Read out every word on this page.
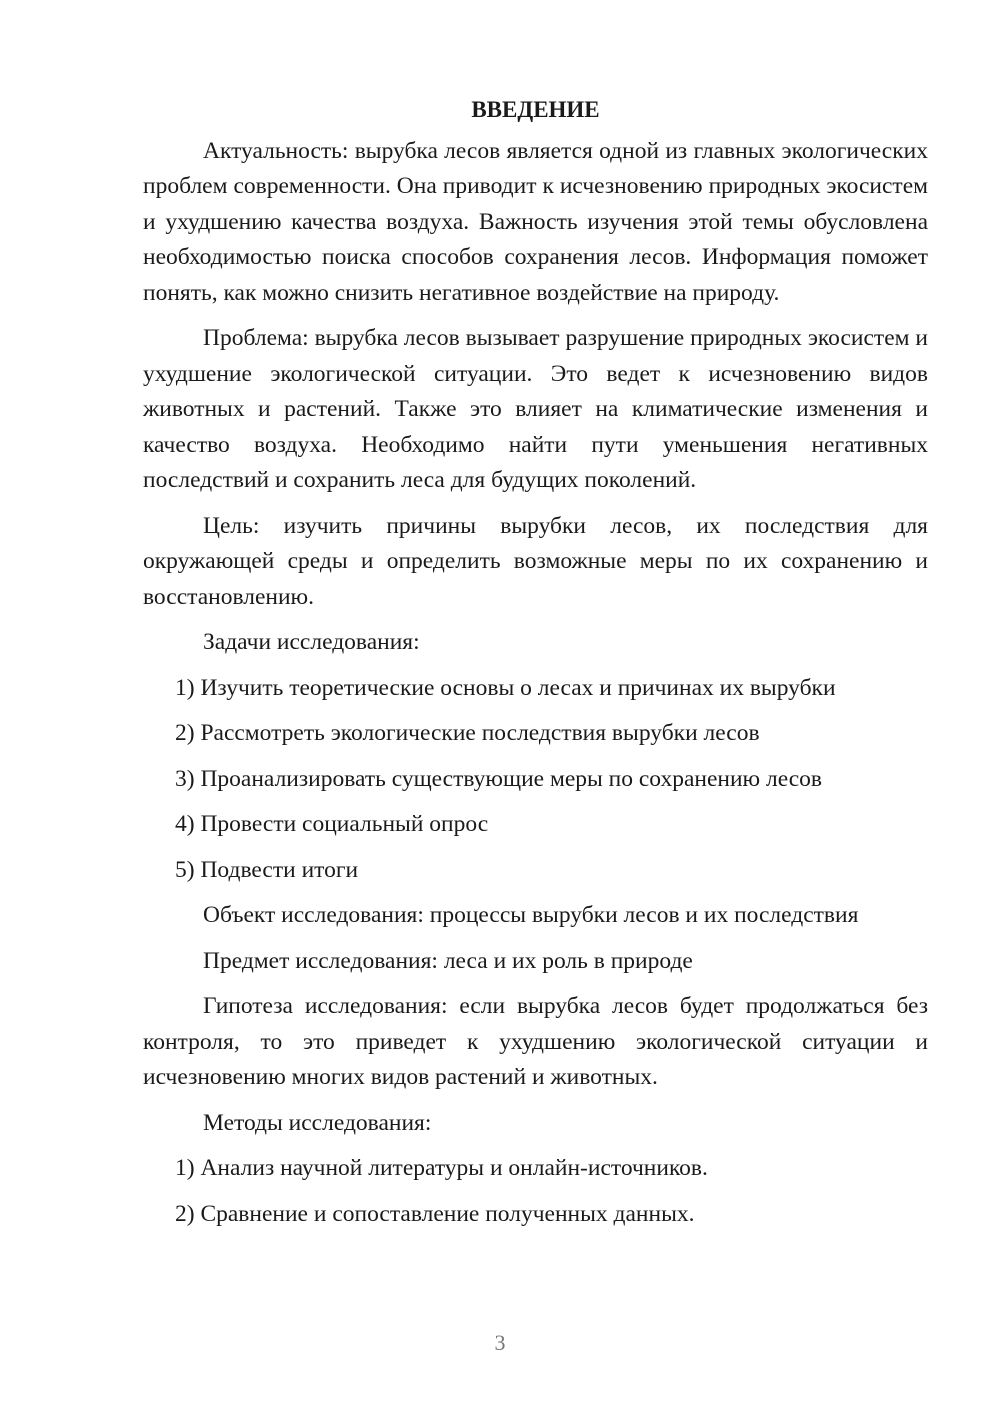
ВВЕДЕНИЕ

Актуальность: вырубка лесов является одной из главных экологических проблем современности. Она приводит к исчезновению природных экосистем и ухудшению качества воздуха. Важность изучения этой темы обусловлена необходимостью поиска способов сохранения лесов. Информация поможет понять, как можно снизить негативное воздействие на природу.

Проблема: вырубка лесов вызывает разрушение природных экосистем и ухудшение экологической ситуации. Это ведет к исчезновению видов животных и растений. Также это влияет на климатические изменения и качество воздуха. Необходимо найти пути уменьшения негативных последствий и сохранить леса для будущих поколений.

Цель: изучить причины вырубки лесов, их последствия для окружающей среды и определить возможные меры по их сохранению и восстановлению.

Задачи исследования:

1) Изучить теоретические основы о лесах и причинах их вырубки

2) Рассмотреть экологические последствия вырубки лесов

3) Проанализировать существующие меры по сохранению лесов

4) Провести социальный опрос

5) Подвести итоги

Объект исследования: процессы вырубки лесов и их последствия

Предмет исследования: леса и их роль в природе

Гипотеза исследования: если вырубка лесов будет продолжаться без контроля, то это приведет к ухудшению экологической ситуации и исчезновению многих видов растений и животных.

Методы исследования:

1) Анализ научной литературы и онлайн-источников.

2) Сравнение и сопоставление полученных данных.

3
